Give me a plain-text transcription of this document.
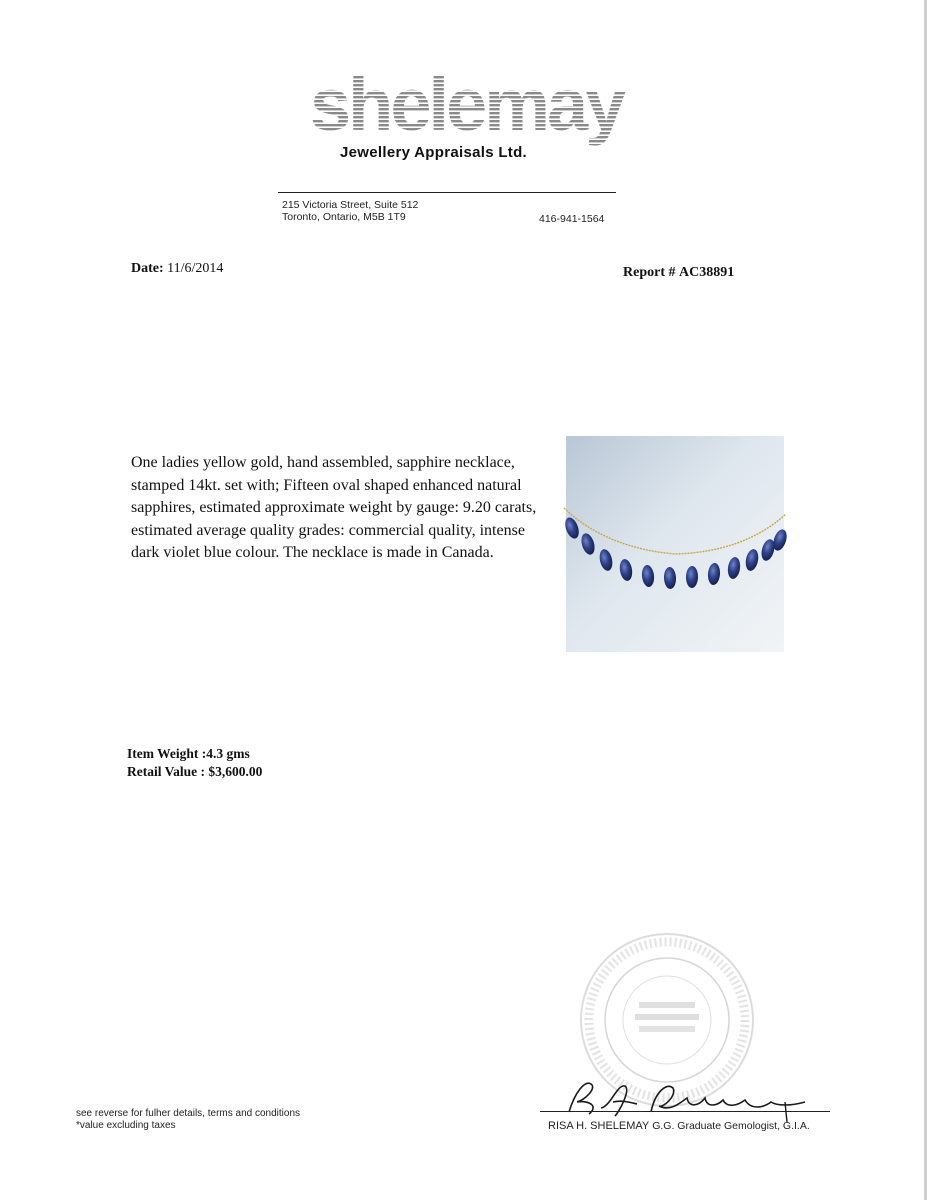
shelemay
Jewellery Appraisals Ltd.
215 Victoria Street, Suite 512
Toronto, Ontario, M5B 1T9	416-941-1564
Date: 11/6/2014	Report # AC38891
One ladies yellow gold, hand assembled, sapphire necklace, stamped 14kt. set with; Fifteen oval shaped enhanced natural sapphires, estimated approximate weight by gauge: 9.20 carats, estimated average quality grades: commercial quality, intense dark violet blue colour. The necklace is made in Canada.
Item Weight :4.3 gms
Retail Value : $3,600.00
RISA H. SHELEMAY G.G. Graduate Gemologist, G.I.A.
see reverse for fulher details, terms and conditions
*value excluding taxes
